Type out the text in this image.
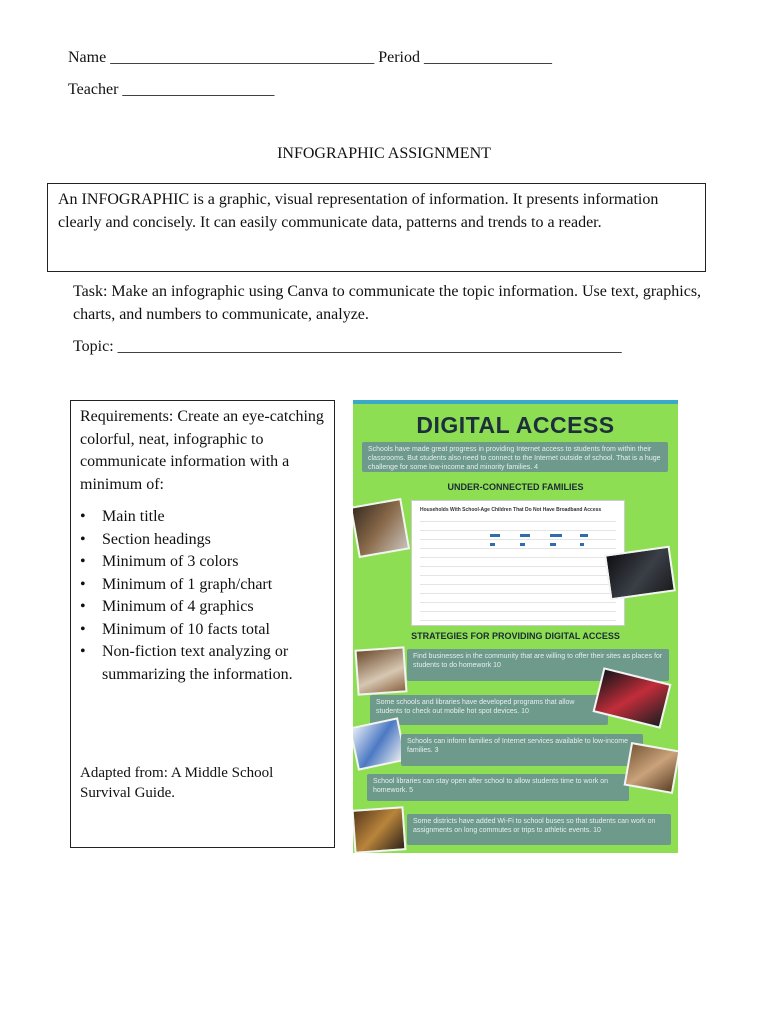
Name _________________________________ Period ________________
Teacher ___________________
INFOGRAPHIC ASSIGNMENT
An INFOGRAPHIC is a graphic, visual representation of information. It presents information clearly and concisely. It can easily communicate data, patterns and trends to a reader.
Task: Make an infographic using Canva to communicate the topic information. Use text, graphics, charts, and numbers to communicate, analyze.
Topic: _______________________________________________________________
Requirements: Create an eye-catching colorful, neat, infographic to communicate information with a minimum of:
• Main title
• Section headings
• Minimum of 3 colors
• Minimum of 1 graph/chart
• Minimum of 4 graphics
• Minimum of 10 facts total
• Non-fiction text analyzing or summarizing the information.
Adapted from: A Middle School Survival Guide.
DIGITAL ACCESS
Schools have made great progress in providing Internet access to students from within their classrooms. But students also need to connect to the Internet outside of school. That is a huge challenge for some low-income and minority families. 4
UNDER-CONNECTED FAMILIES
Households With School-Age Children That Do Not Have Broadband Access
STRATEGIES FOR PROVIDING DIGITAL ACCESS
Find businesses in the community that are willing to offer their sites as places for students to do homework 10
Some schools and libraries have developed programs that allow students to check out mobile hot spot devices. 10
Schools can inform families of Internet services available to low-income families. 3
School libraries can stay open after school to allow students time to work on homework. 5
Some districts have added Wi-Fi to school buses so that students can work on assignments on long commutes or trips to athletic events. 10
